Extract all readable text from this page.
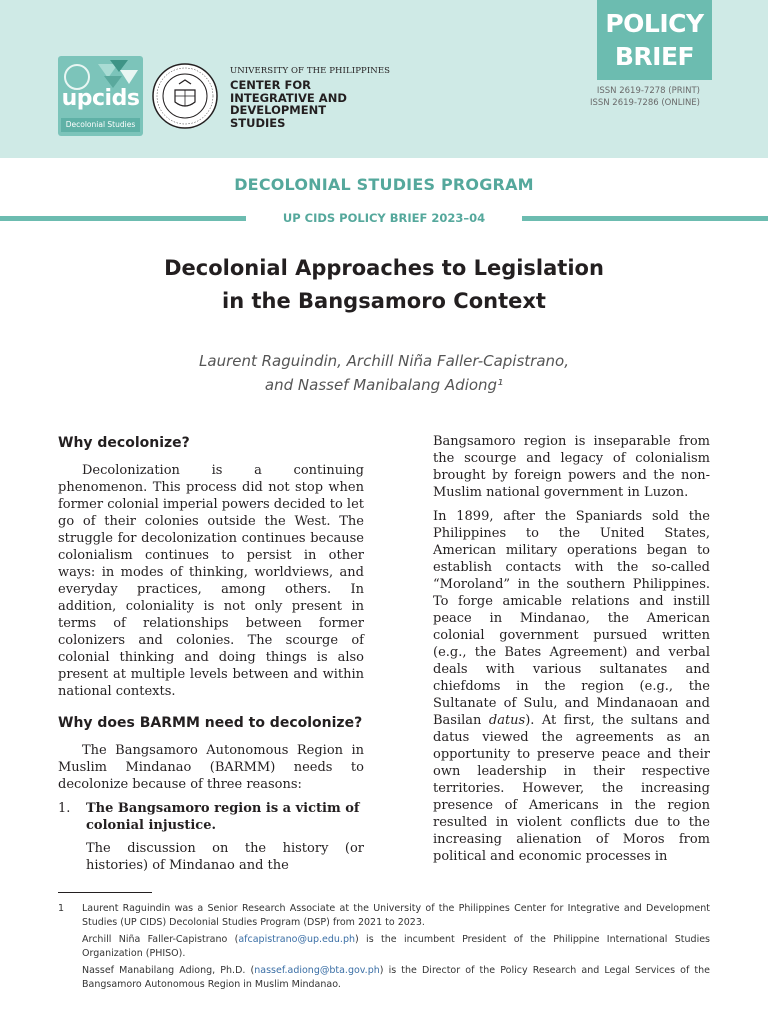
upcids
Decolonial Studies
UNIVERSITY OF THE PHILIPPINES
CENTER FOR
INTEGRATIVE AND
DEVELOPMENT
STUDIES
POLICY
BRIEF
ISSN 2619-7278 (PRINT)
ISSN 2619-7286 (ONLINE)
DECOLONIAL STUDIES PROGRAM
UP CIDS POLICY BRIEF 2023–04
Decolonial Approaches to Legislation
in the Bangsamoro Context
Laurent Raguindin, Archill Niña Faller-Capistrano,
and Nassef Manibalang Adiong¹
Why decolonize?
Decolonization is a continuing phenomenon. This process did not stop when former colonial imperial powers decided to let go of their colonies outside the West. The struggle for decolonization continues because colonialism continues to persist in other ways: in modes of thinking, worldviews, and everyday practices, among others. In addition, coloniality is not only present in terms of relationships between former colonizers and colonies. The scourge of colonial thinking and doing things is also present at multiple levels between and within national contexts.
Why does BARMM need to decolonize?
The Bangsamoro Autonomous Region in Muslim Mindanao (BARMM) needs to decolonize because of three reasons:
1.	The Bangsamoro region is a victim of colonial injustice.
The discussion on the history (or histories) of Mindanao and the
Bangsamoro region is inseparable from the scourge and legacy of colonialism brought by foreign powers and the non-Muslim national government in Luzon.
In 1899, after the Spaniards sold the Philippines to the United States, American military operations began to establish contacts with the so-called “Moroland” in the southern Philippines. To forge amicable relations and instill peace in Mindanao, the American colonial government pursued written (e.g., the Bates Agreement) and verbal deals with various sultanates and chiefdoms in the region (e.g., the Sultanate of Sulu, and Mindanaoan and Basilan datus). At first, the sultans and datus viewed the agreements as an opportunity to preserve peace and their own leadership in their respective territories. However, the increasing presence of Americans in the region resulted in violent conflicts due to the increasing alienation of Moros from political and economic processes in
1	Laurent Raguindin was a Senior Research Associate at the University of the Philippines Center for Integrative and Development Studies (UP CIDS) Decolonial Studies Program (DSP) from 2021 to 2023.
Archill Niña Faller-Capistrano (afcapistrano@up.edu.ph) is the incumbent President of the Philippine International Studies Organization (PHISO).
Nassef Manabilang Adiong, Ph.D. (nassef.adiong@bta.gov.ph) is the Director of the Policy Research and Legal Services of the Bangsamoro Autonomous Region in Muslim Mindanao.
